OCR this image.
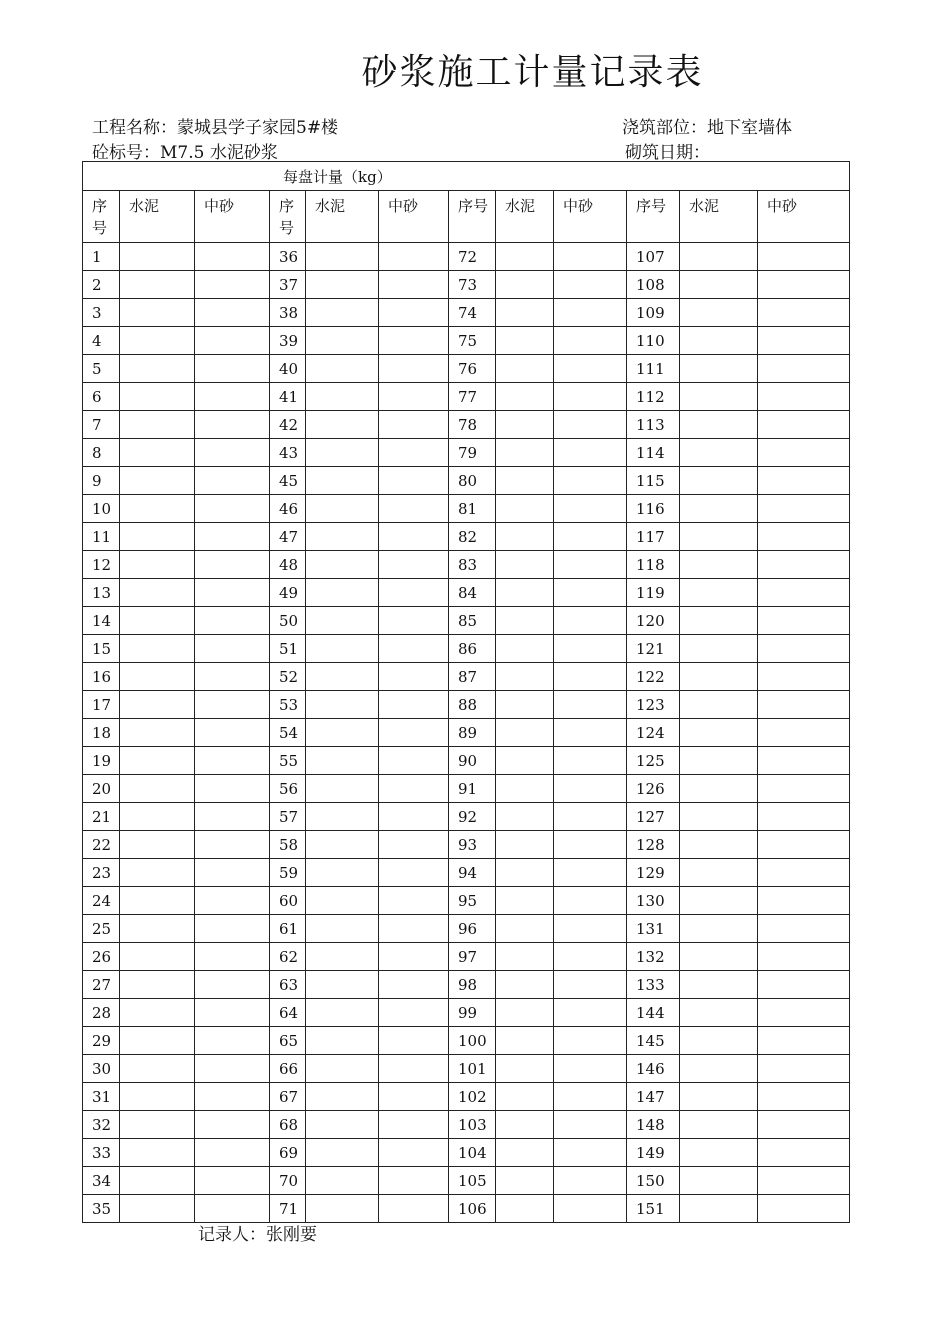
砂浆施工计量记录表
工程名称：蒙城县学子家园5#楼	浇筑部位：地下室墙体
砼标号：M7.5 水泥砂浆	砌筑日期：
每盘计量（kg）											
序号	水泥	中砂	序号	水泥	中砂	序号	水泥	中砂	序号	水泥	中砂
1			36			72			107		
2			37			73			108		
3			38			74			109		
4			39			75			110		
5			40			76			111		
6			41			77			112		
7			42			78			113		
8			43			79			114		
9			45			80			115		
10			46			81			116		
11			47			82			117		
12			48			83			118		
13			49			84			119		
14			50			85			120		
15			51			86			121		
16			52			87			122		
17			53			88			123		
18			54			89			124		
19			55			90			125		
20			56			91			126		
21			57			92			127		
22			58			93			128		
23			59			94			129		
24			60			95			130		
25			61			96			131		
26			62			97			132		
27			63			98			133		
28			64			99			144		
29			65			100			145		
30			66			101			146		
31			67			102			147		
32			68			103			148		
33			69			104			149		
34			70			105			150		
35			71			106			151		
记录人：张刚要
